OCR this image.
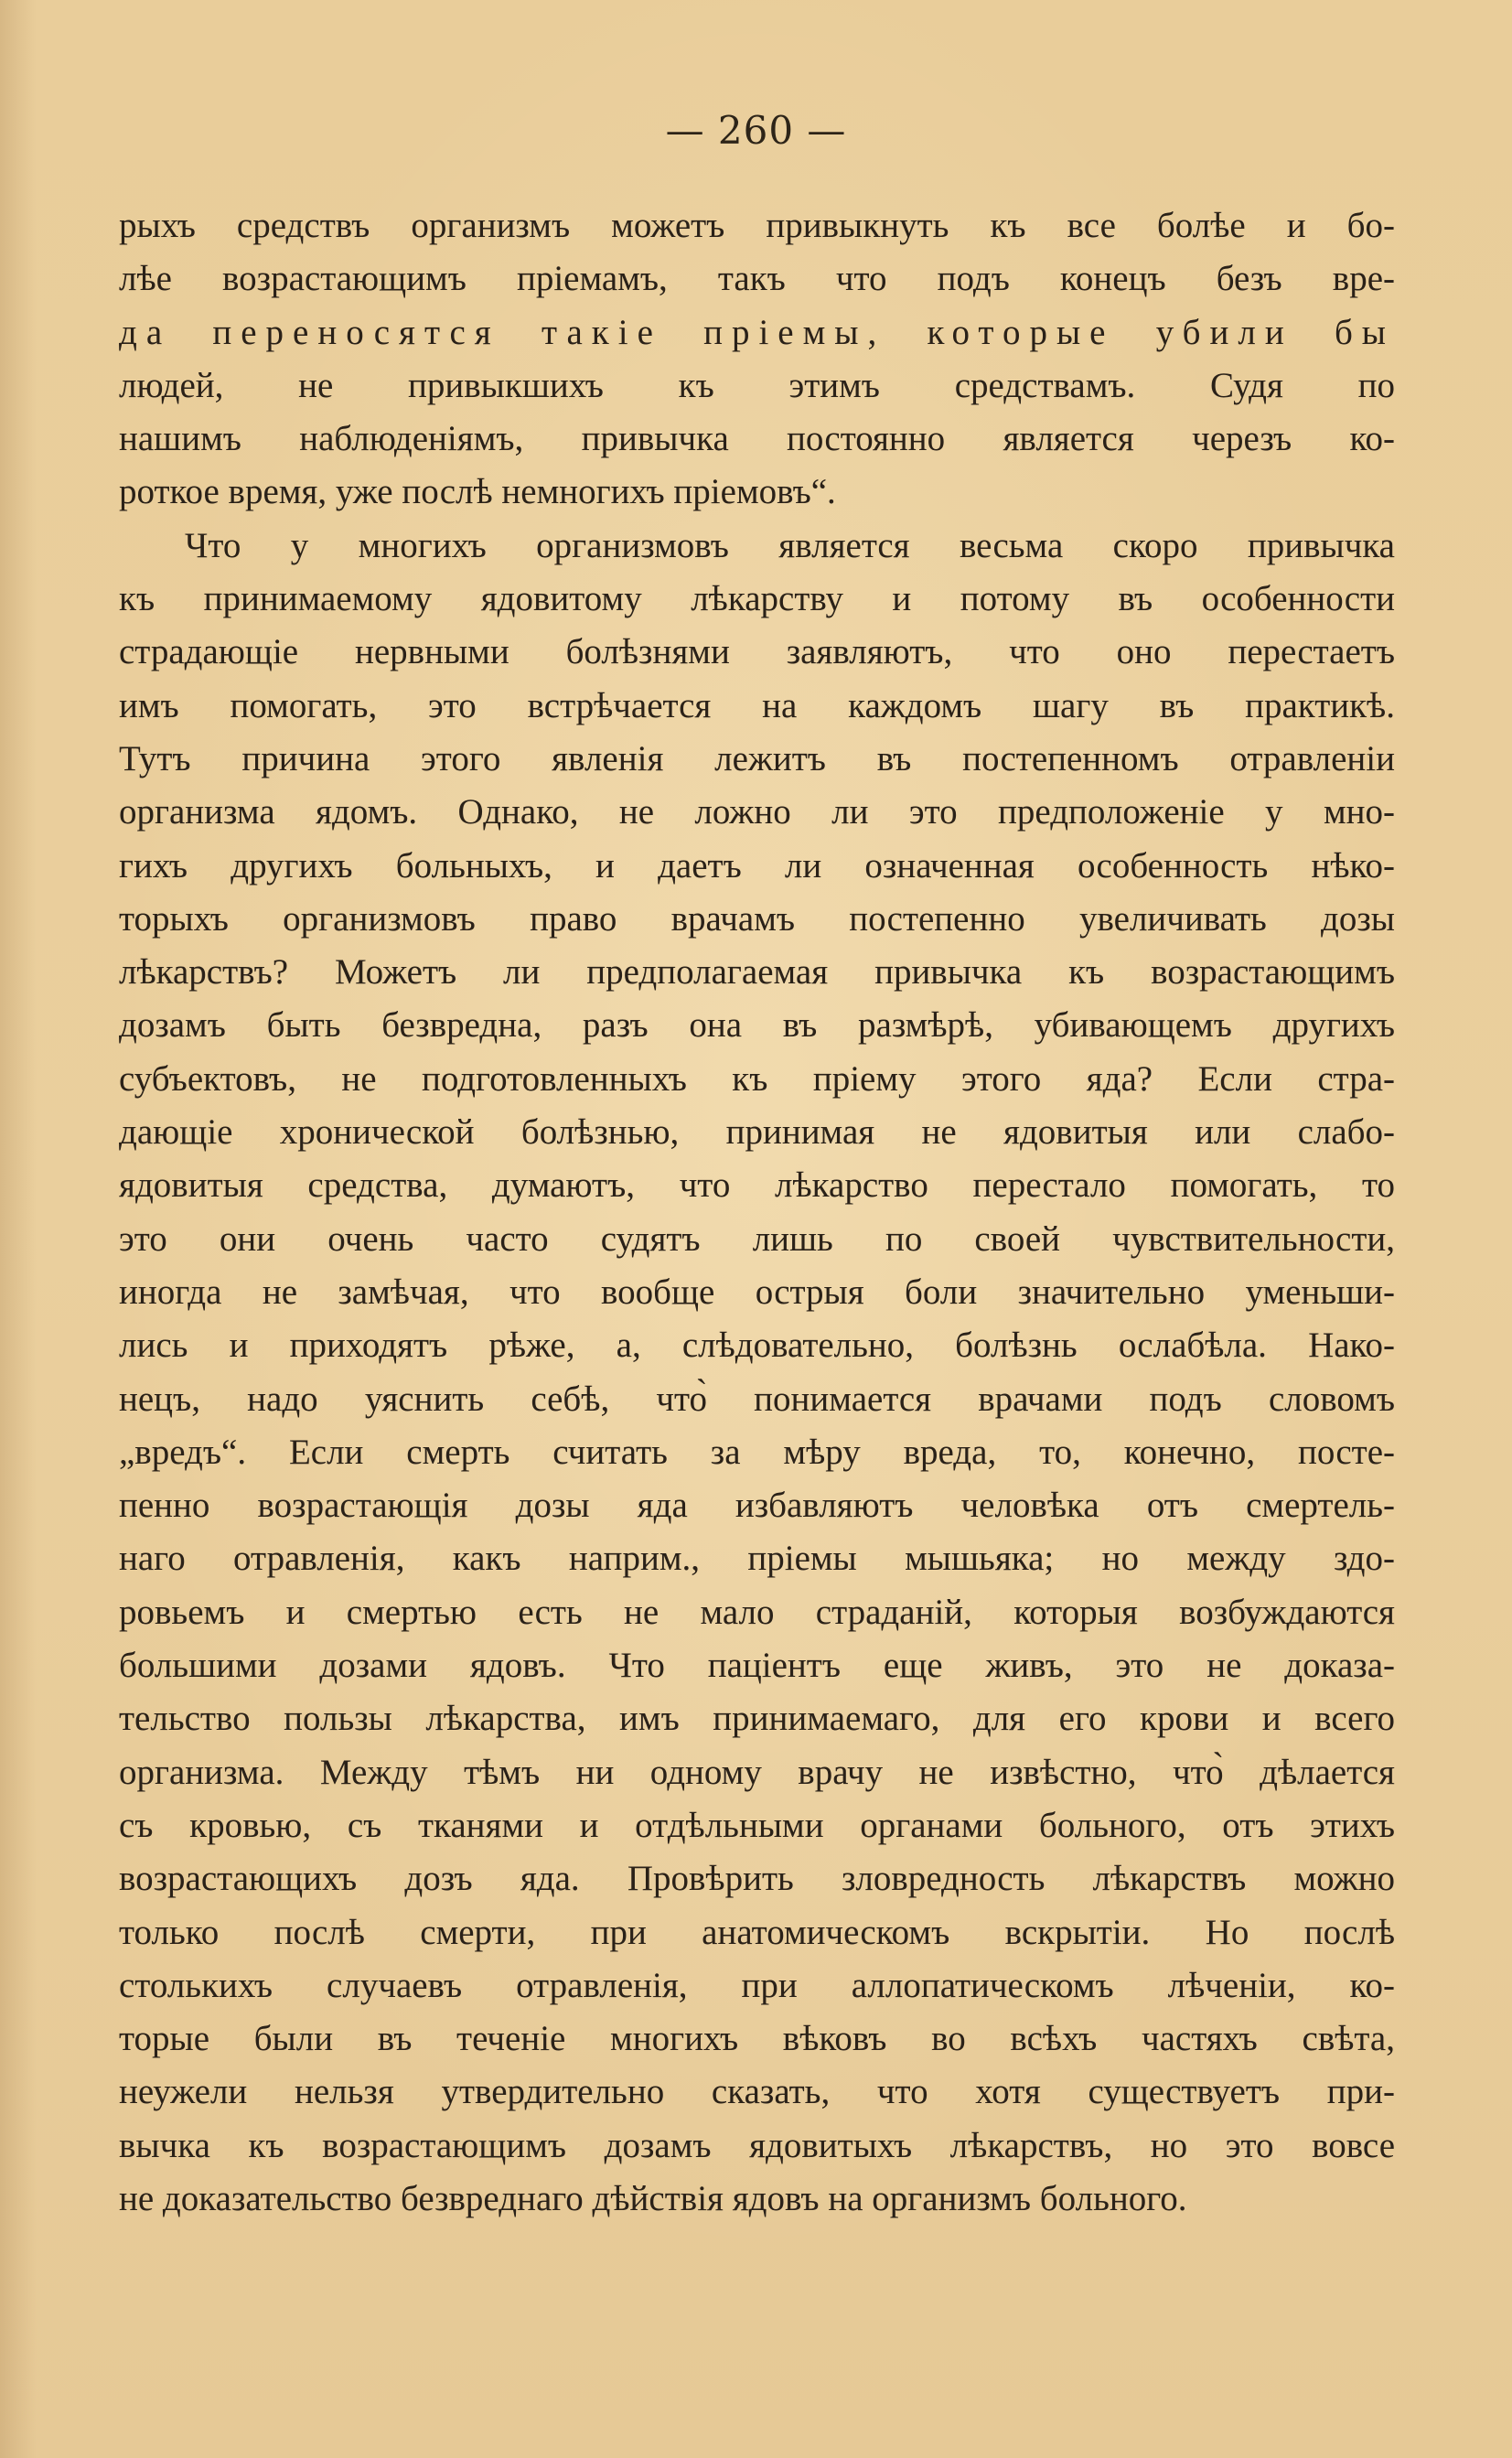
— 260 —

рыхъ средствъ организмъ можетъ привыкнуть къ все болѣе и бо-

лѣе возрастающимъ пріемамъ, такъ что подъ конецъ безъ вре-

да переносятся такіе пріемы, которые убили бы

людей, не привыкшихъ къ этимъ средствамъ. Судя по

нашимъ наблюденіямъ, привычка постоянно является черезъ ко-

роткое время, уже послѣ немногихъ пріемовъ“.

Что у многихъ организмовъ является весьма скоро привычка

къ принимаемому ядовитому лѣкарству и потому въ особенности

страдающіе нервными болѣзнями заявляютъ, что оно перестаетъ

имъ помогать, это встрѣчается на каждомъ шагу въ практикѣ.

Тутъ причина этого явленія лежитъ въ постепенномъ отравленіи

организма ядомъ. Однако, не ложно ли это предположеніе у мно-

гихъ другихъ больныхъ, и даетъ ли означенная особенность нѣко-

торыхъ организмовъ право врачамъ постепенно увеличивать дозы

лѣкарствъ? Можетъ ли предполагаемая привычка къ возрастающимъ

дозамъ быть безвредна, разъ она въ размѣрѣ, убивающемъ другихъ

субъектовъ, не подготовленныхъ къ пріему этого яда? Если стра-

дающіе хронической болѣзнью, принимая не ядовитыя или слабо-

ядовитыя средства, думаютъ, что лѣкарство перестало помогать, то

это они очень часто судятъ лишь по своей чувствительности,

иногда не замѣчая, что вообще острыя боли значительно уменьши-

лись и приходятъ рѣже, а, слѣдовательно, болѣзнь ослабѣла. Нако-

нецъ, надо уяснить себѣ, что̀ понимается врачами подъ словомъ

„вредъ“. Если смерть считать за мѣру вреда, то, конечно, посте-

пенно возрастающія дозы яда избавляютъ человѣка отъ смертель-

наго отравленія, какъ наприм., пріемы мышьяка; но между здо-

ровьемъ и смертью есть не мало страданій, которыя возбуждаются

большими дозами ядовъ. Что паціентъ еще живъ, это не доказа-

тельство пользы лѣкарства, имъ принимаемаго, для его крови и всего

организма. Между тѣмъ ни одному врачу не извѣстно, что̀ дѣлается

съ кровью, съ тканями и отдѣльными органами больного, отъ этихъ

возрастающихъ дозъ яда. Провѣрить зловредность лѣкарствъ можно

только послѣ смерти, при анатомическомъ вскрытіи. Но послѣ

столькихъ случаевъ отравленія, при аллопатическомъ лѣченіи, ко-

торые были въ теченіе многихъ вѣковъ во всѣхъ частяхъ свѣта,

неужели нельзя утвердительно сказать, что хотя существуетъ при-

вычка къ возрастающимъ дозамъ ядовитыхъ лѣкарствъ, но это вовсе

не доказательство безвреднаго дѣйствія ядовъ на организмъ больного.
